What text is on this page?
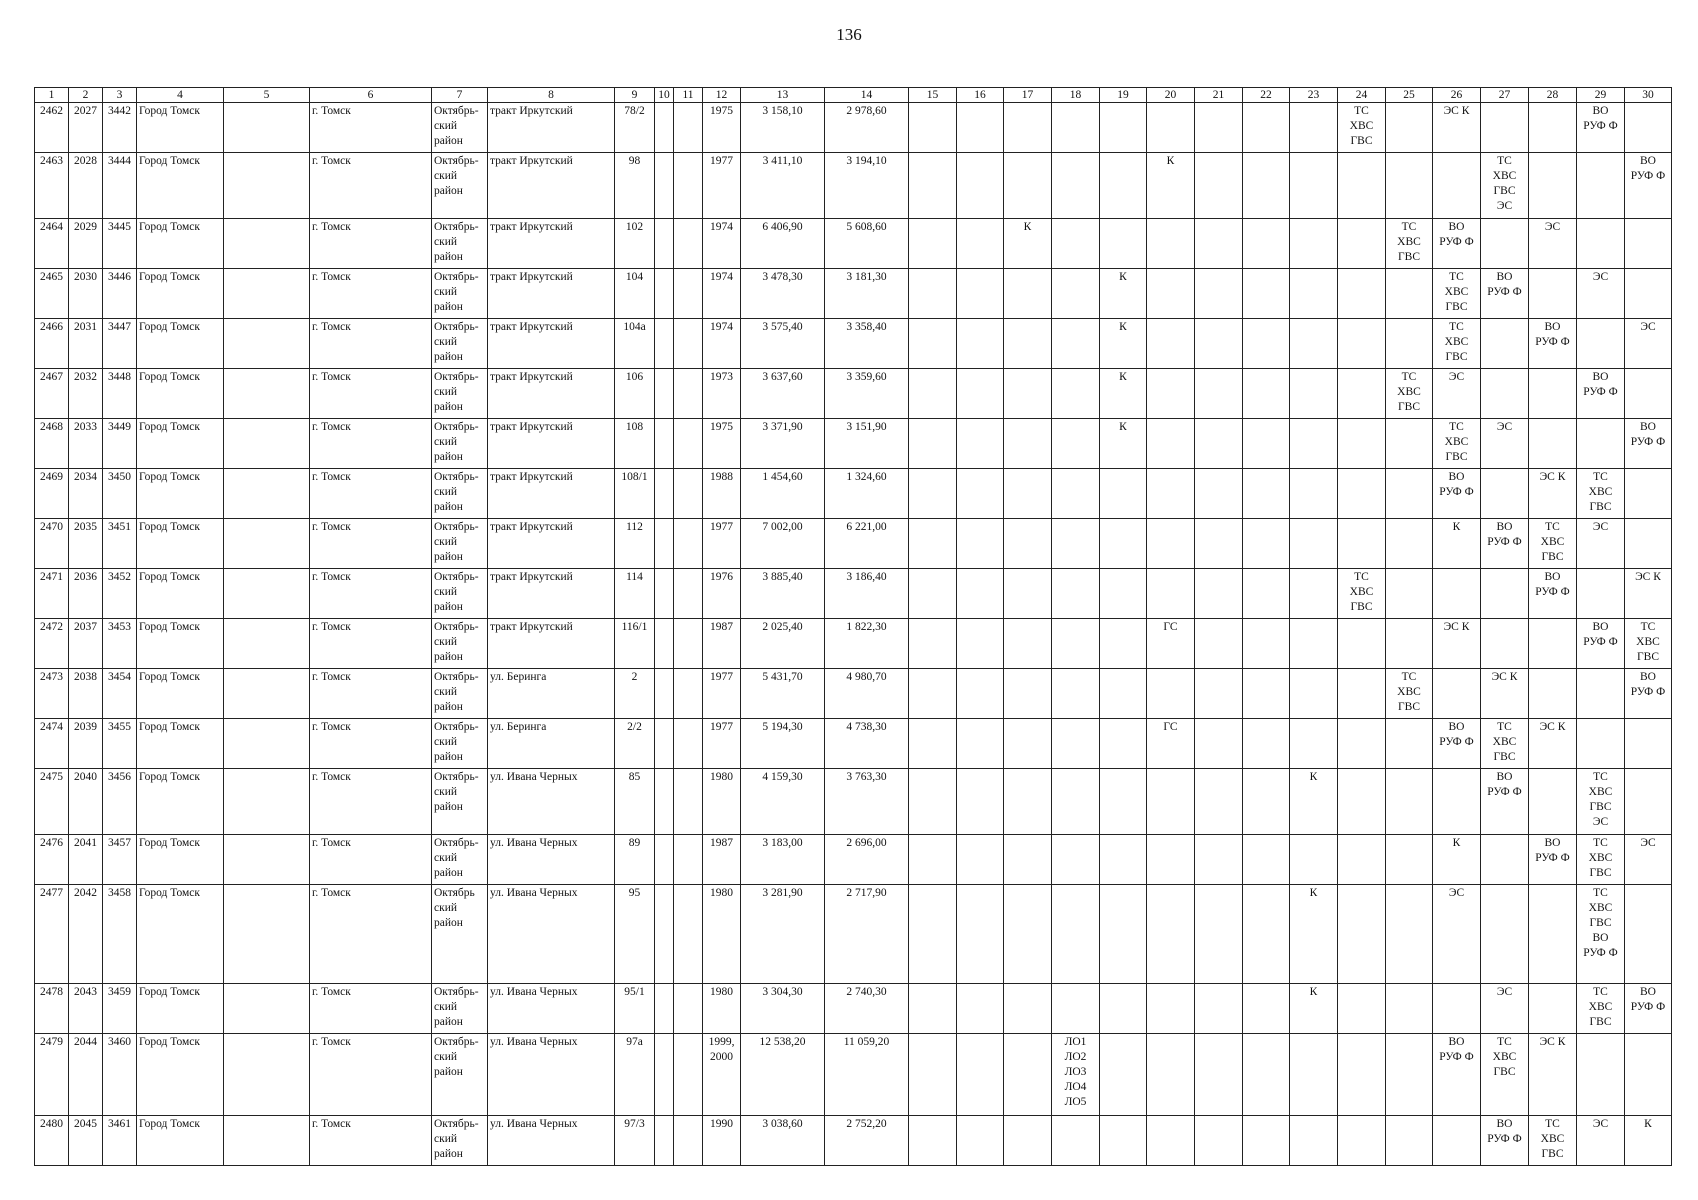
136
1	2	3	4	5	6	7	8	9	10	11	12	13	14	15	16	17	18	19	20	21	22	23	24	25	26	27	28	29	30
2462	2027	3442	Город Томск		г. Томск	Октябрь-
ский
район	тракт Иркутский	78/2			1975	3 158,10	2 978,60										ТС
ХВС
ГВС		ЭС К			ВО
РУФ Ф	
2463	2028	3444	Город Томск		г. Томск	Октябрь-
ский
район	тракт Иркутский	98			1977	3 411,10	3 194,10						К							ТС
ХВС
ГВС
ЭС			ВО
РУФ Ф
2464	2029	3445	Город Томск		г. Томск	Октябрь-
ский
район	тракт Иркутский	102			1974	6 406,90	5 608,60			К								ТС
ХВС
ГВС	ВО
РУФ Ф		ЭС		
2465	2030	3446	Город Томск		г. Томск	Октябрь-
ский
район	тракт Иркутский	104			1974	3 478,30	3 181,30					К							ТС
ХВС
ГВС	ВО
РУФ Ф		ЭС	
2466	2031	3447	Город Томск		г. Томск	Октябрь-
ский
район	тракт Иркутский	104а			1974	3 575,40	3 358,40					К							ТС
ХВС
ГВС		ВО
РУФ Ф		ЭС
2467	2032	3448	Город Томск		г. Томск	Октябрь-
ский
район	тракт Иркутский	106			1973	3 637,60	3 359,60					К						ТС
ХВС
ГВС	ЭС			ВО
РУФ Ф	
2468	2033	3449	Город Томск		г. Томск	Октябрь-
ский
район	тракт Иркутский	108			1975	3 371,90	3 151,90					К							ТС
ХВС
ГВС	ЭС			ВО
РУФ Ф
2469	2034	3450	Город Томск		г. Томск	Октябрь-
ский
район	тракт Иркутский	108/1			1988	1 454,60	1 324,60												ВО
РУФ Ф		ЭС К	ТС
ХВС
ГВС	
2470	2035	3451	Город Томск		г. Томск	Октябрь-
ский
район	тракт Иркутский	112			1977	7 002,00	6 221,00												К	ВО
РУФ Ф	ТС
ХВС
ГВС	ЭС	
2471	2036	3452	Город Томск		г. Томск	Октябрь-
ский
район	тракт Иркутский	114			1976	3 885,40	3 186,40										ТС
ХВС
ГВС				ВО
РУФ Ф		ЭС К
2472	2037	3453	Город Томск		г. Томск	Октябрь-
ский
район	тракт Иркутский	116/1			1987	2 025,40	1 822,30						ГС						ЭС К			ВО
РУФ Ф	ТС
ХВС
ГВС
2473	2038	3454	Город Томск		г. Томск	Октябрь-
ский
район	ул. Беринга	2			1977	5 431,70	4 980,70											ТС
ХВС
ГВС		ЭС К			ВО
РУФ Ф
2474	2039	3455	Город Томск		г. Томск	Октябрь-
ский
район	ул. Беринга	2/2			1977	5 194,30	4 738,30						ГС						ВО
РУФ Ф	ТС
ХВС
ГВС	ЭС К		
2475	2040	3456	Город Томск		г. Томск	Октябрь-
ский
район	ул. Ивана Черных	85			1980	4 159,30	3 763,30									К				ВО
РУФ Ф		ТС
ХВС
ГВС
ЭС	
2476	2041	3457	Город Томск		г. Томск	Октябрь-
ский
район	ул. Ивана Черных	89			1987	3 183,00	2 696,00												К		ВО
РУФ Ф	ТС
ХВС
ГВС	ЭС
2477	2042	3458	Город Томск		г. Томск	Октябрь
ский
район	ул. Ивана Черных	95			1980	3 281,90	2 717,90									К			ЭС			ТС
ХВС
ГВС
ВО
РУФ Ф	
2478	2043	3459	Город Томск		г. Томск	Октябрь-
ский
район	ул. Ивана Черных	95/1			1980	3 304,30	2 740,30									К				ЭС		ТС
ХВС
ГВС	ВО
РУФ Ф
2479	2044	3460	Город Томск		г. Томск	Октябрь-
ский
район	ул. Ивана Черных	97а			1999,
2000	12 538,20	11 059,20				ЛО1
ЛО2
ЛО3
ЛО4
ЛО5								ВО
РУФ Ф	ТС
ХВС
ГВС	ЭС К		
2480	2045	3461	Город Томск		г. Томск	Октябрь-
ский
район	ул. Ивана Черных	97/3			1990	3 038,60	2 752,20													ВО
РУФ Ф	ТС
ХВС
ГВС	ЭС	К
